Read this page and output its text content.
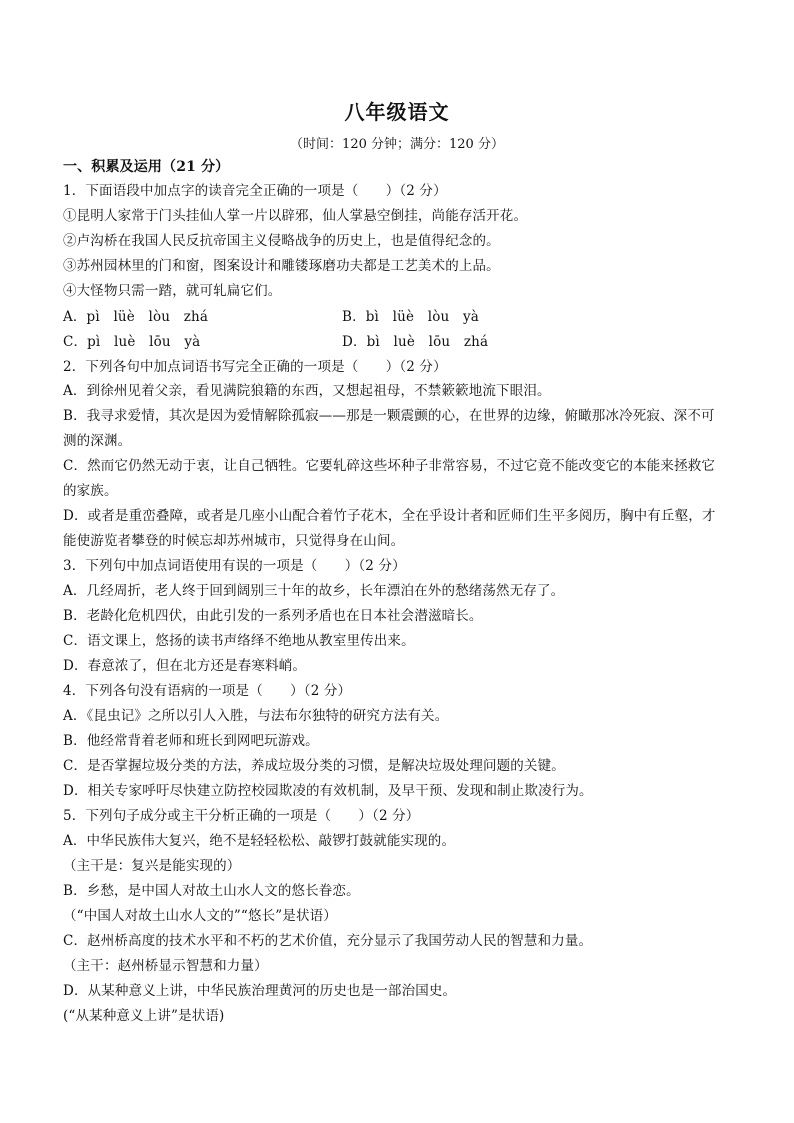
八年级语文
（时间：120 分钟；满分：120 分）
一、积累及运用（21 分）
1．下面语段中加点字的读音完全正确的一项是（　　）（2 分）
①昆明人家常于门头挂仙人掌一片以辟邪，仙人掌悬空倒挂，尚能存活开花。
②卢沟桥在我国人民反抗帝国主义侵略战争的历史上，也是值得纪念的。
③苏州园林里的门和窗，图案设计和雕镂琢磨功夫都是工艺美术的上品。
④大怪物只需一踏，就可轧扁它们。
A．pì　lüè　lòu　zhá	B．bì　lüè　lòu　yà
C．pì　luè　lōu　yà	D．bì　luè　lōu　zhá
2．下列各句中加点词语书写完全正确的一项是（　　）（2 分）
A．到徐州见着父亲，看见满院狼籍的东西，又想起祖母，不禁簌簌地流下眼泪。
B．我寻求爱情，其次是因为爱情解除孤寂——那是一颗震颤的心，在世界的边缘，俯瞰那冰冷死寂、深不可
测的深渊。
C．然而它仍然无动于衷，让自己牺牲。它要轧碎这些坏种子非常容易，不过它竟不能改变它的本能来拯救它
的家族。
D．或者是重峦叠障，或者是几座小山配合着竹子花木，全在乎设计者和匠师们生平多阅历，胸中有丘壑，才
能使游览者攀登的时候忘却苏州城市，只觉得身在山间。
3．下列句中加点词语使用有误的一项是（　　）（2 分）
A．几经周折，老人终于回到阔别三十年的故乡，长年漂泊在外的愁绪荡然无存了。
B．老龄化危机四伏，由此引发的一系列矛盾也在日本社会潜滋暗长。
C．语文课上，悠扬的读书声络绎不绝地从教室里传出来。
D．春意浓了，但在北方还是春寒料峭。
4．下列各句没有语病的一项是（　　）（2 分）
A．《昆虫记》之所以引人入胜，与法布尔独特的研究方法有关。
B．他经常背着老师和班长到网吧玩游戏。
C．是否掌握垃圾分类的方法，养成垃圾分类的习惯，是解决垃圾处理问题的关键。
D．相关专家呼吁尽快建立防控校园欺凌的有效机制，及早干预、发现和制止欺凌行为。
5．下列句子成分或主干分析正确的一项是（　　）（2 分）
A．中华民族伟大复兴，绝不是轻轻松松、敲锣打鼓就能实现的。
（主干是：复兴是能实现的）
B．乡愁，是中国人对故土山水人文的悠长眷恋。
（“中国人对故土山水人文的”“悠长”是状语）
C．赵州桥高度的技术水平和不朽的艺术价值，充分显示了我国劳动人民的智慧和力量。
（主干：赵州桥显示智慧和力量）
D．从某种意义上讲，中华民族治理黄河的历史也是一部治国史。
(“从某种意义上讲”是状语)
